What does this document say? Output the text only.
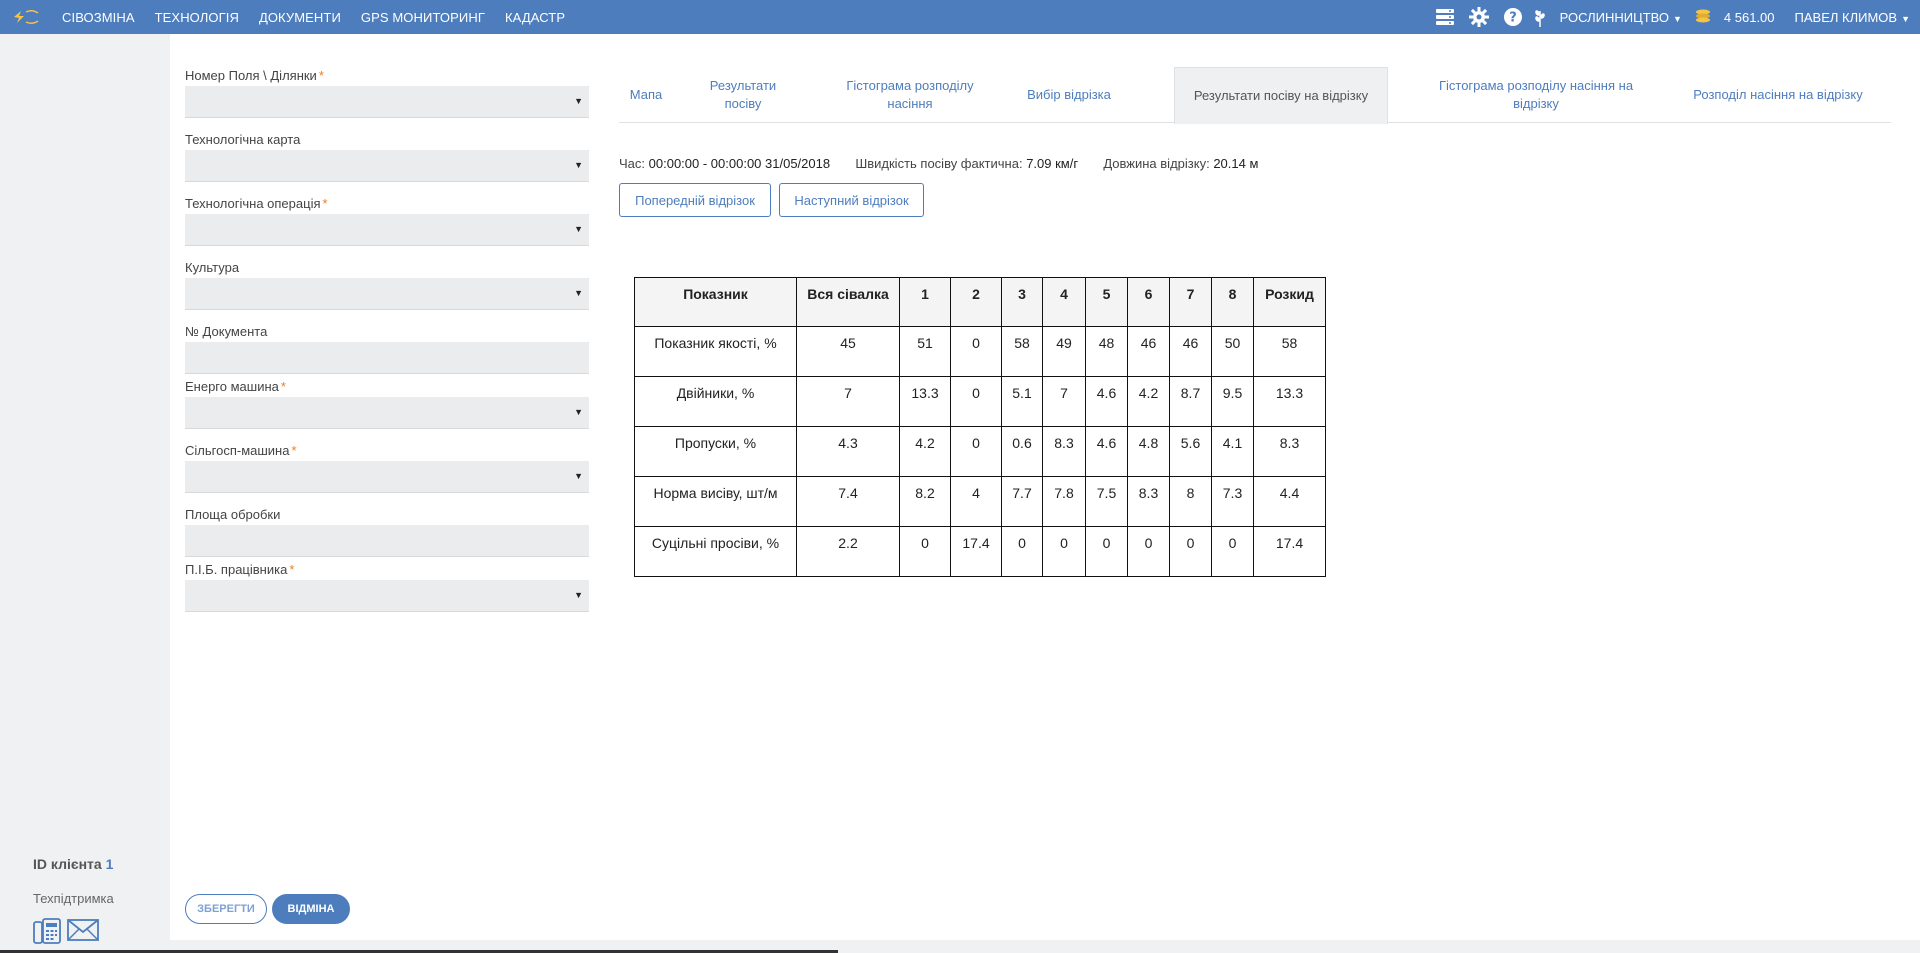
СІВОЗМІНА	ТЕХНОЛОГІЯ	ДОКУМЕНТИ	GPS МОНИТОРИНГ	КАДАСТР	?	РОСЛИННИЦТВО ▼	4 561.00	ПАВЕЛ КЛИМОВ ▼
ID клієнта 1
Техпідтримка
Номер Поля \ Ділянки *
▼
Технологічна карта
▼
Технологічна операція *
▼
Культура
▼
№ Документа
Енерго машина *
▼
Сільгосп-машина *
▼
Площа обробки
П.І.Б. працівника *
▼
ЗБЕРЕГТИ	ВІДМІНА
Мапа
Результати посіву
Гістограма розподілу насіння
Вибір відрізка	Результати посіву на відрізку
Гістограма розподілу насіння на відрізку
Розподіл насіння на відрізку
Час: 00:00:00 - 00:00:00 31/05/2018 Швидкість посіву фактична: 7.09 км/г Довжина відрізку: 20.14 м
Попередній відрізок	Наступний відрізок
Показник	Вся сівалка	1	2	3	4	5	6	7	8	Розкид
Показник якості, %	45	51	0	58	49	48	46	46	50	58
Двійники, %	7	13.3	0	5.1	7	4.6	4.2	8.7	9.5	13.3
Пропуски, %	4.3	4.2	0	0.6	8.3	4.6	4.8	5.6	4.1	8.3
Норма висіву, шт/м	7.4	8.2	4	7.7	7.8	7.5	8.3	8	7.3	4.4
Суцільні просіви, %	2.2	0	17.4	0	0	0	0	0	0	17.4
